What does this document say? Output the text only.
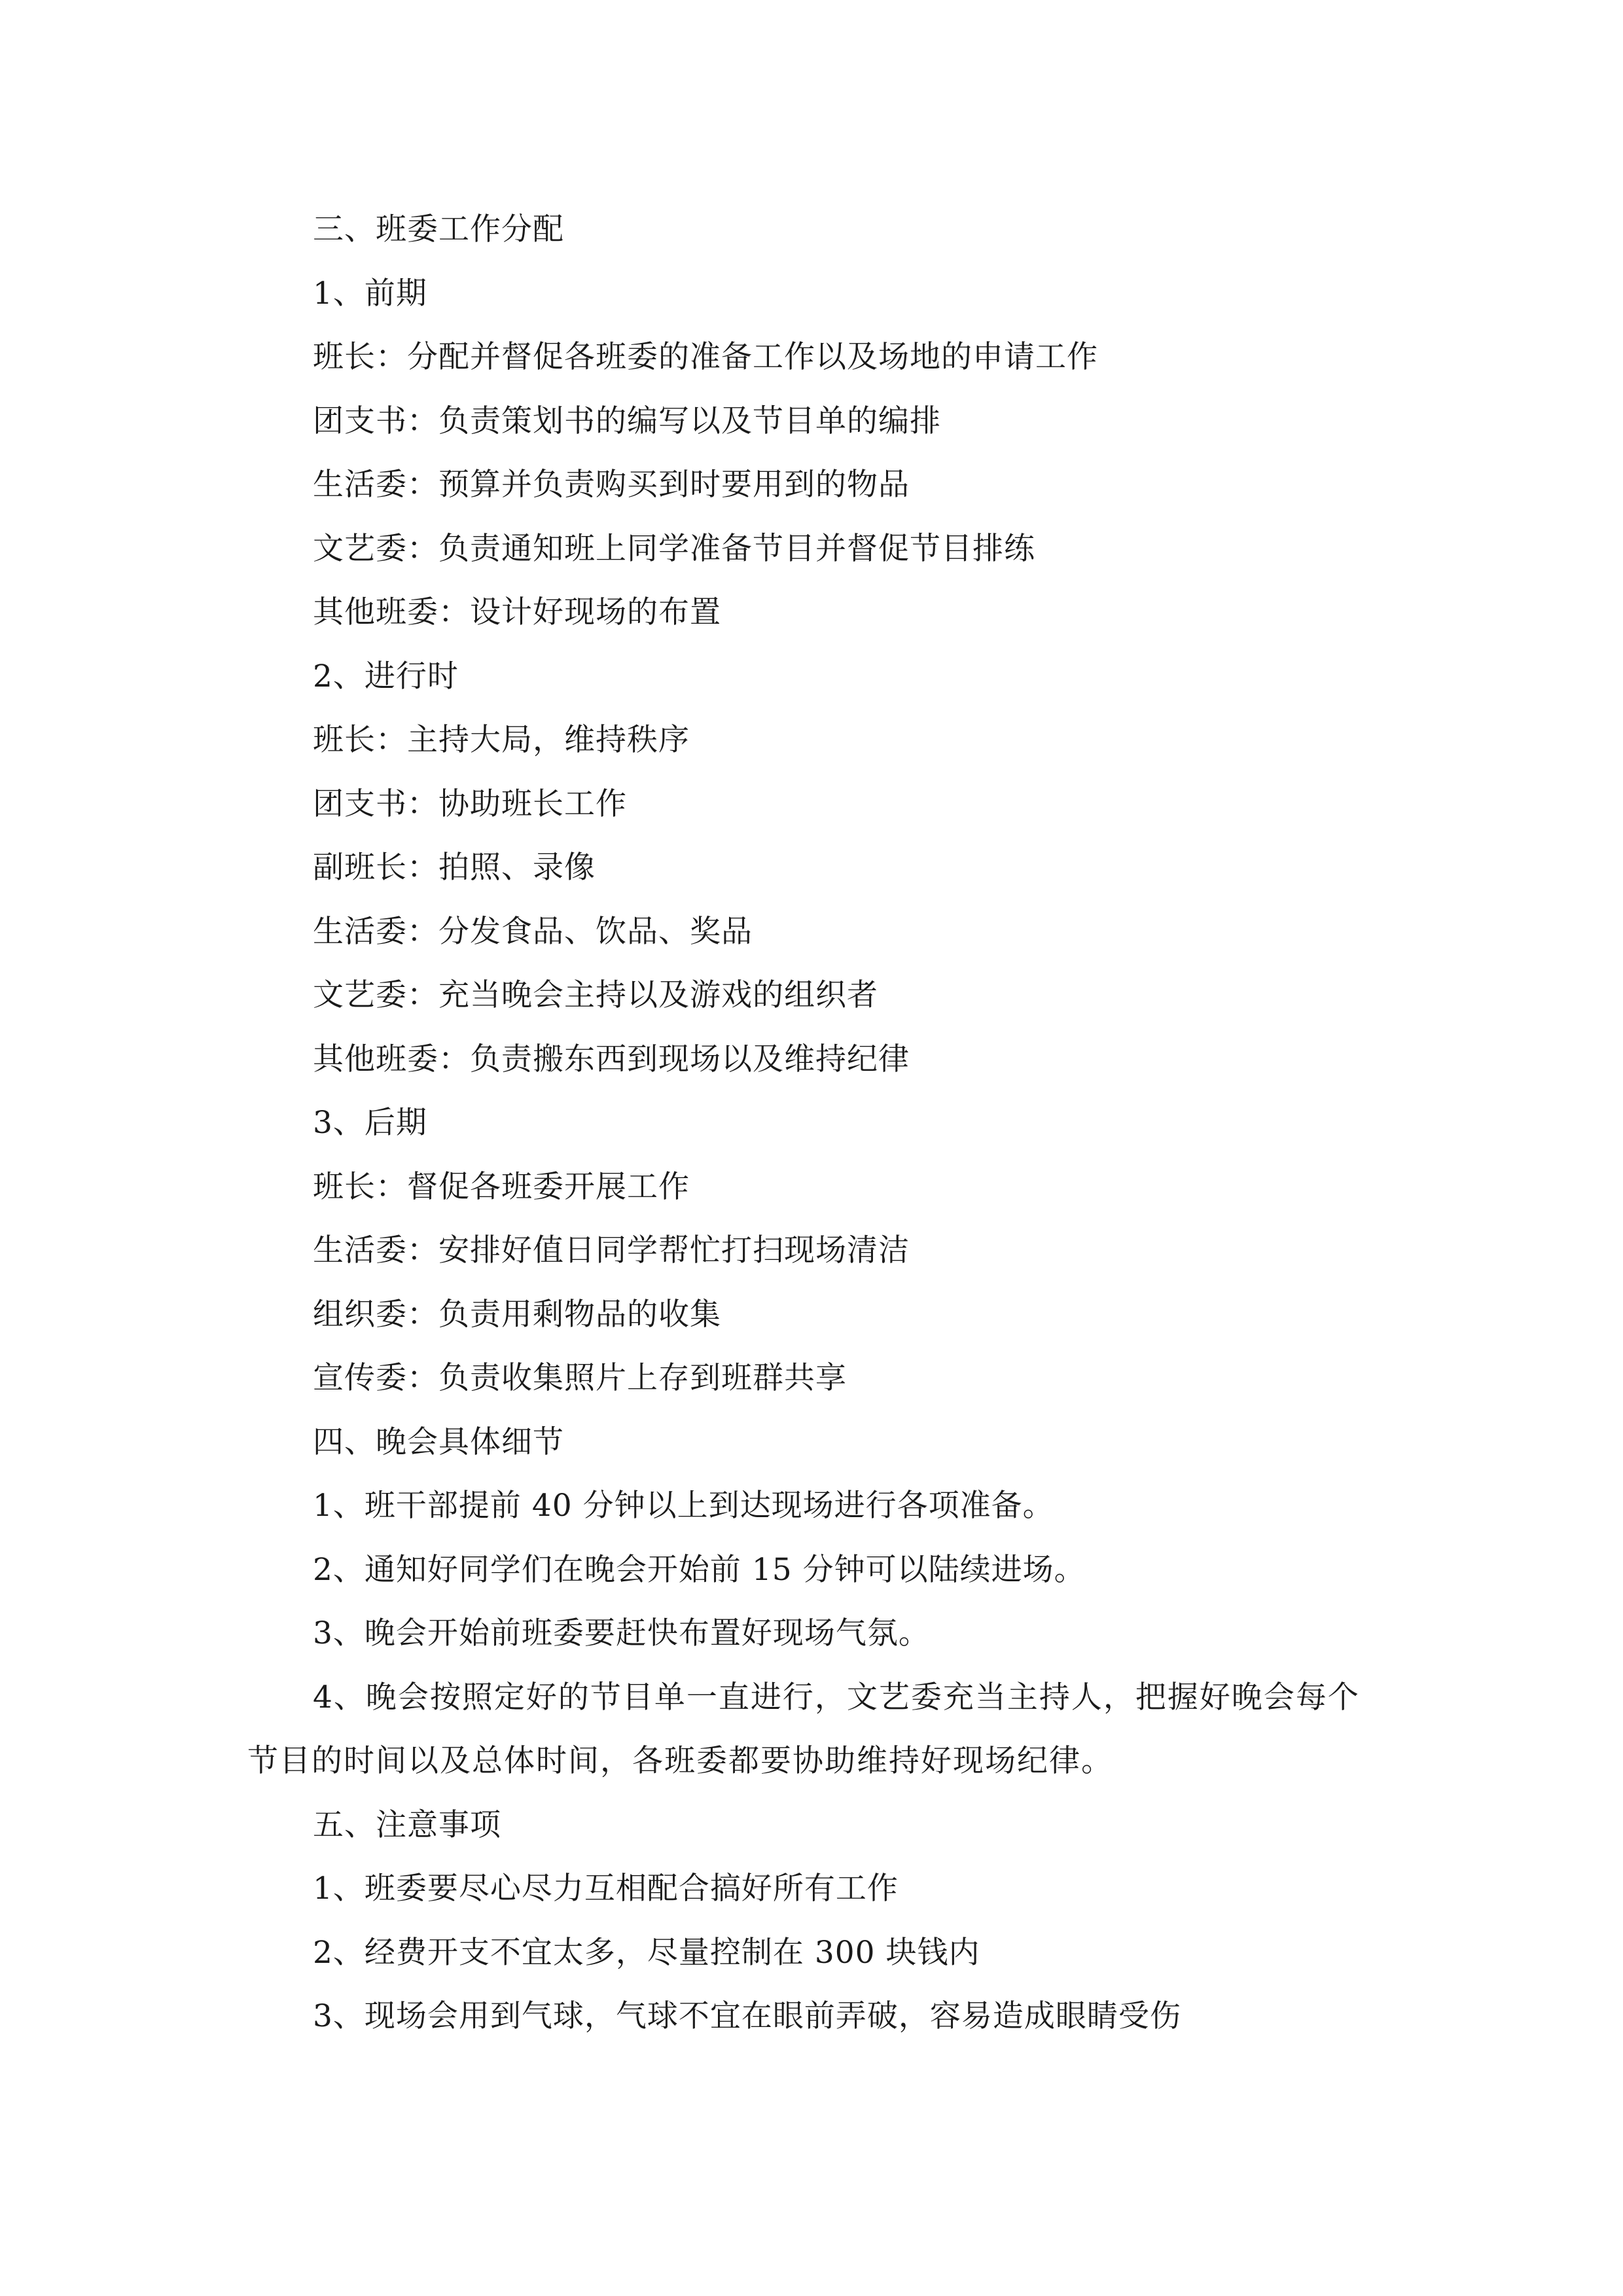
三、班委工作分配
1、前期
班长：分配并督促各班委的准备工作以及场地的申请工作
团支书：负责策划书的编写以及节目单的编排
生活委：预算并负责购买到时要用到的物品
文艺委：负责通知班上同学准备节目并督促节目排练
其他班委：设计好现场的布置
2、进行时
班长：主持大局，维持秩序
团支书：协助班长工作
副班长：拍照、录像
生活委：分发食品、饮品、奖品
文艺委：充当晚会主持以及游戏的组织者
其他班委：负责搬东西到现场以及维持纪律
3、后期
班长：督促各班委开展工作
生活委：安排好值日同学帮忙打扫现场清洁
组织委：负责用剩物品的收集
宣传委：负责收集照片上存到班群共享
四、晚会具体细节
1、班干部提前 40 分钟以上到达现场进行各项准备。
2、通知好同学们在晚会开始前 15 分钟可以陆续进场。
3、晚会开始前班委要赶快布置好现场气氛。
4、晚会按照定好的节目单一直进行，文艺委充当主持人，把握好晚会每个节目的时间以及总体时间，各班委都要协助维持好现场纪律。
五、注意事项
1、班委要尽心尽力互相配合搞好所有工作
2、经费开支不宜太多，尽量控制在 300 块钱内
3、现场会用到气球，气球不宜在眼前弄破，容易造成眼睛受伤
